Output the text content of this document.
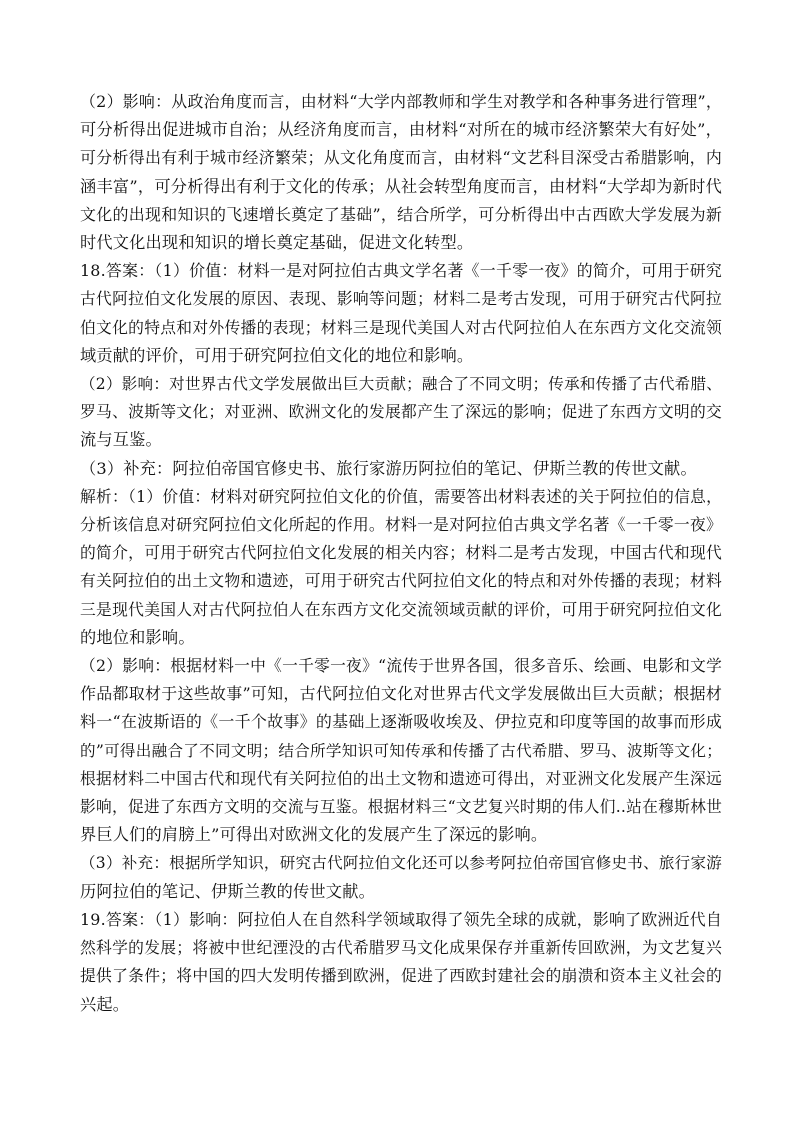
（2）影响：从政治角度而言，由材料“大学内部教师和学生对教学和各种事务进行管理”，
可分析得出促进城市自治；从经济角度而言，由材料“对所在的城市经济繁荣大有好处”，
可分析得出有利于城市经济繁荣；从文化角度而言，由材料“文艺科目深受古希腊影响，内
涵丰富”，可分析得出有利于文化的传承；从社会转型角度而言，由材料“大学却为新时代
文化的出现和知识的飞速增长奠定了基础”，结合所学，可分析得出中古西欧大学发展为新
时代文化出现和知识的增长奠定基础，促进文化转型。

18.答案：（1）价值：材料一是对阿拉伯古典文学名著《一千零一夜》的简介，可用于研究
古代阿拉伯文化发展的原因、表现、影响等问题；材料二是考古发现，可用于研究古代阿拉
伯文化的特点和对外传播的表现；材料三是现代美国人对古代阿拉伯人在东西方文化交流领
域贡献的评价，可用于研究阿拉伯文化的地位和影响。

（2）影响：对世界古代文学发展做出巨大贡献；融合了不同文明；传承和传播了古代希腊、
罗马、波斯等文化；对亚洲、欧洲文化的发展都产生了深远的影响；促进了东西方文明的交
流与互鉴。

（3）补充：阿拉伯帝国官修史书、旅行家游历阿拉伯的笔记、伊斯兰教的传世文献。

解析：（1）价值：材料对研究阿拉伯文化的价值，需要答出材料表述的关于阿拉伯的信息，
分析该信息对研究阿拉伯文化所起的作用。材料一是对阿拉伯古典文学名著《一千零一夜》
的简介，可用于研究古代阿拉伯文化发展的相关内容；材料二是考古发现，中国古代和现代
有关阿拉伯的出土文物和遗迹，可用于研究古代阿拉伯文化的特点和对外传播的表现；材料
三是现代美国人对古代阿拉伯人在东西方文化交流领域贡献的评价，可用于研究阿拉伯文化
的地位和影响。

（2）影响：根据材料一中《一千零一夜》“流传于世界各国，很多音乐、绘画、电影和文学
作品都取材于这些故事”可知，古代阿拉伯文化对世界古代文学发展做出巨大贡献；根据材
料一“在波斯语的《一千个故事》的基础上逐渐吸收埃及、伊拉克和印度等国的故事而形成
的”可得出融合了不同文明；结合所学知识可知传承和传播了古代希腊、罗马、波斯等文化；
根据材料二中国古代和现代有关阿拉伯的出土文物和遗迹可得出，对亚洲文化发展产生深远
影响，促进了东西方文明的交流与互鉴。根据材料三“文艺复兴时期的伟人们..站在穆斯林世
界巨人们的肩膀上”可得出对欧洲文化的发展产生了深远的影响。

（3）补充：根据所学知识，研究古代阿拉伯文化还可以参考阿拉伯帝国官修史书、旅行家游
历阿拉伯的笔记、伊斯兰教的传世文献。

19.答案：（1）影响：阿拉伯人在自然科学领域取得了领先全球的成就，影响了欧洲近代自
然科学的发展；将被中世纪湮没的古代希腊罗马文化成果保存并重新传回欧洲，为文艺复兴
提供了条件；将中国的四大发明传播到欧洲，促进了西欧封建社会的崩溃和资本主义社会的
兴起。
